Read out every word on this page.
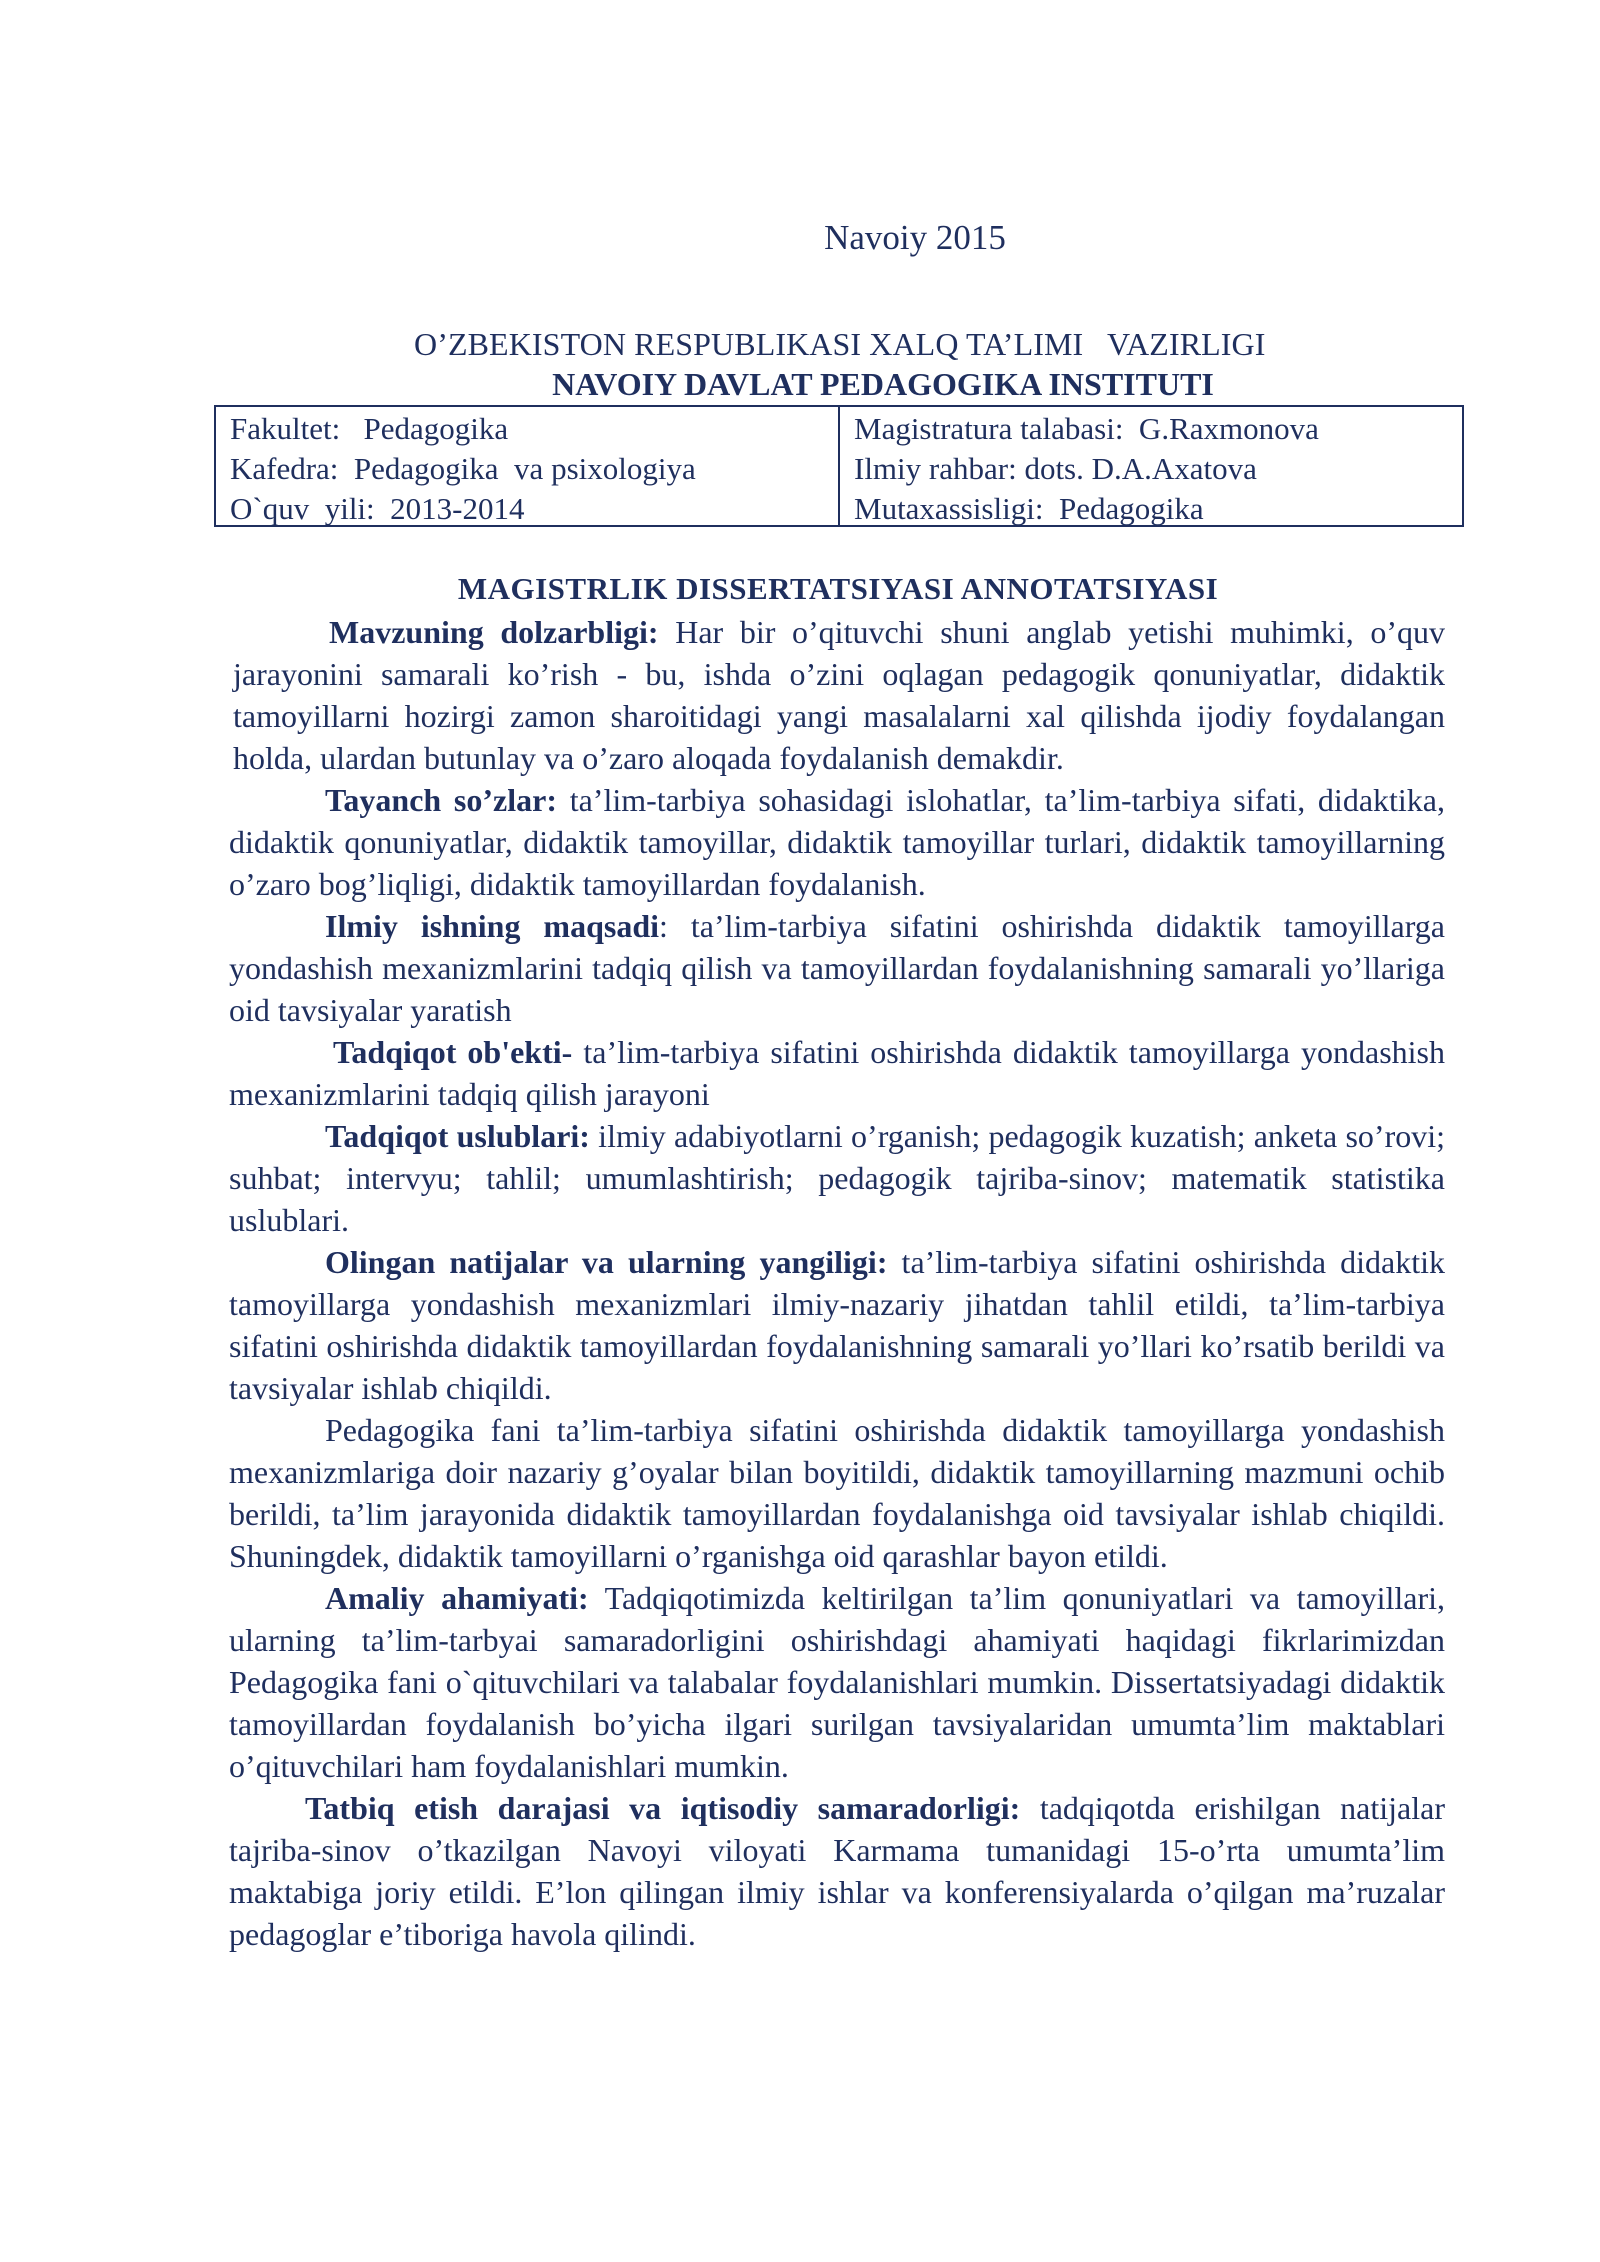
Navoiy 2015
O’ZBEKISTON RESPUBLIKASI XALQ TA’LIMI   VAZIRLIGI
NAVOIY DAVLAT PEDAGOGIKA INSTITUTI
Fakultet:   Pedagogika
Kafedra:  Pedagogika  va psixologiya
O`quv  yili:  2013-2014
Magistratura talabasi:  G.Raxmonova
Ilmiy rahbar: dots. D.A.Axatova
Mutaxassisligi:  Pedagogika
MAGISTRLIK DISSERTATSIYASI ANNOTATSIYASI

Mavzuning dolzarbligi: Har bir o’qituvchi shuni anglab yetishi muhimki, o’quv jarayonini samarali ko’rish - bu, ishda o’zini oqlagan pedagogik qonuniyatlar, didaktik tamoyillarni hozirgi zamon sharoitidagi yangi masalalarni xal qilishda ijodiy foydalangan holda, ulardan butunlay va o’zaro aloqada foydalanish demakdir.

Tayanch so’zlar: ta’lim-tarbiya sohasidagi islohatlar, ta’lim-tarbiya sifati, didaktika, didaktik qonuniyatlar, didaktik tamoyillar, didaktik tamoyillar turlari, didaktik tamoyillarning o’zaro bog’liqligi, didaktik tamoyillardan foydalanish.

Ilmiy ishning maqsadi: ta’lim-tarbiya sifatini oshirishda didaktik tamoyillarga yondashish mexanizmlarini tadqiq qilish va tamoyillardan foydalanishning samarali yo’llariga oid tavsiyalar yaratish

Tadqiqot ob'ekti- ta’lim-tarbiya sifatini oshirishda didaktik tamoyillarga yondashish mexanizmlarini tadqiq qilish jarayoni

Tadqiqot uslublari: ilmiy adabiyotlarni o’rganish; pedagogik kuzatish; anketa so’rovi; suhbat; intervyu; tahlil; umumlashtirish; pedagogik tajriba-sinov; matematik statistika uslublari.

Olingan natijalar va ularning yangiligi: ta’lim-tarbiya sifatini oshirishda didaktik tamoyillarga yondashish mexanizmlari ilmiy-nazariy jihatdan tahlil etildi, ta’lim-tarbiya sifatini oshirishda didaktik tamoyillardan foydalanishning samarali yo’llari ko’rsatib berildi va tavsiyalar ishlab chiqildi.

Pedagogika fani ta’lim-tarbiya sifatini oshirishda didaktik tamoyillarga yondashish mexanizmlariga doir nazariy g’oyalar bilan boyitildi, didaktik tamoyillarning mazmuni ochib berildi, ta’lim jarayonida didaktik tamoyillardan foydalanishga oid tavsiyalar ishlab chiqildi. Shuningdek, didaktik tamoyillarni o’rganishga oid qarashlar bayon etildi.

Amaliy ahamiyati: Tadqiqotimizda keltirilgan ta’lim qonuniyatlari va tamoyillari, ularning ta’lim-tarbyai samaradorligini oshirishdagi ahamiyati haqidagi fikrlarimizdan Pedagogika fani o`qituvchilari va talabalar foydalanishlari mumkin. Dissertatsiyadagi didaktik tamoyillardan foydalanish bo’yicha ilgari surilgan tavsiyalaridan umumta’lim maktablari o’qituvchilari ham foydalanishlari mumkin.

Tatbiq etish darajasi va iqtisodiy samaradorligi: tadqiqotda erishilgan natijalar tajriba-sinov o’tkazilgan Navoyi viloyati Karmama tumanidagi 15-o’rta umumta’lim maktabiga joriy etildi. E’lon qilingan ilmiy ishlar va konferensiyalarda o’qilgan ma’ruzalar pedagoglar e’tiboriga havola qilindi.
